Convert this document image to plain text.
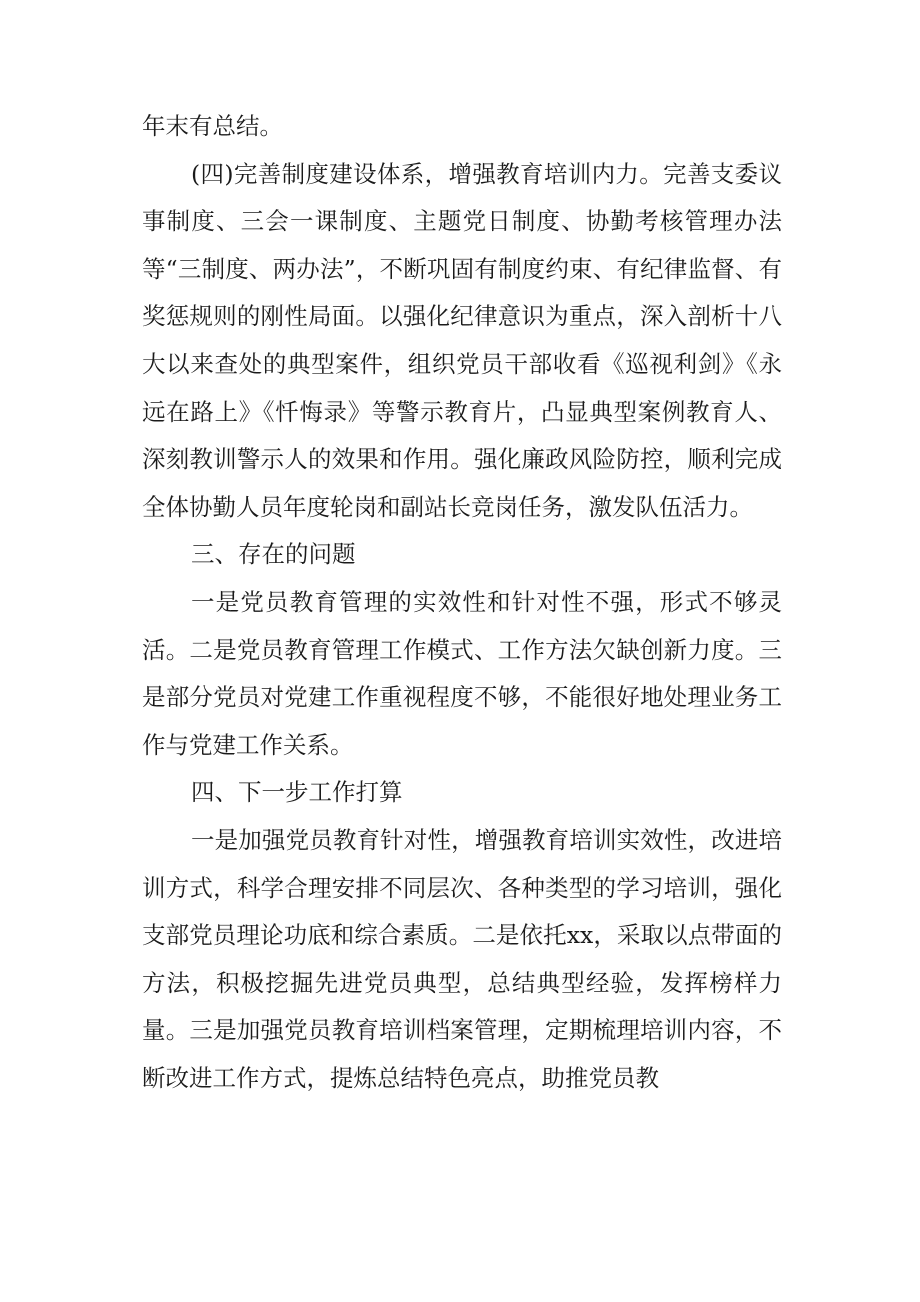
年末有总结。

(四)完善制度建设体系，增强教育培训内力。完善支委议事制度、三会一课制度、主题党日制度、协勤考核管理办法等“三制度、两办法”，不断巩固有制度约束、有纪律监督、有奖惩规则的刚性局面。以强化纪律意识为重点，深入剖析十八大以来查处的典型案件，组织党员干部收看《巡视利剑》《永远在路上》《忏悔录》等警示教育片，凸显典型案例教育人、深刻教训警示人的效果和作用。强化廉政风险防控，顺利完成全体协勤人员年度轮岗和副站长竞岗任务，激发队伍活力。

三、存在的问题

一是党员教育管理的实效性和针对性不强，形式不够灵活。二是党员教育管理工作模式、工作方法欠缺创新力度。三是部分党员对党建工作重视程度不够，不能很好地处理业务工作与党建工作关系。

四、下一步工作打算

一是加强党员教育针对性，增强教育培训实效性，改进培训方式，科学合理安排不同层次、各种类型的学习培训，强化支部党员理论功底和综合素质。二是依托xx，采取以点带面的方法，积极挖掘先进党员典型，总结典型经验，发挥榜样力量。三是加强党员教育培训档案管理，定期梳理培训内容，不断改进工作方式，提炼总结特色亮点，助推党员教
